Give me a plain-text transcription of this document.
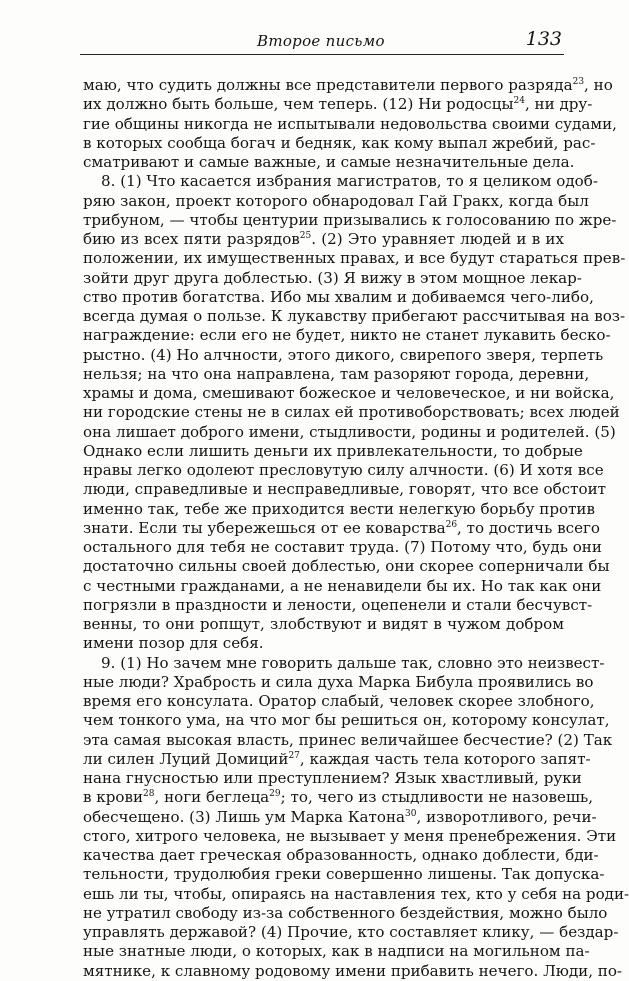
Второе письмо	133
маю, что судить должны все представители первого разряда$^{23}$, но
их должно быть больше, чем теперь. (12) Ни родосцы$^{24}$, ни дру-
гие общины никогда не испытывали недовольства своими судами,
в которых сообща богач и бедняк, как кому выпал жребий, рас-
сматривают и самые важные, и самые незначительные дела.
8. (1) Что касается избрания магистратов, то я целиком одоб-
ряю закон, проект которого обнародовал Гай Гракх, когда был
трибуном, — чтобы центурии призывались к голосованию по жре-
бию из всех пяти разрядов$^{25}$. (2) Это уравняет людей и в их
положении, их имущественных правах, и все будут стараться прев-
зойти друг друга доблестью. (3) Я вижу в этом мощное лекар-
ство против богатства. Ибо мы хвалим и добиваемся чего-либо,
всегда думая о пользе. К лукавству прибегают рассчитывая на воз-
награждение: если его не будет, никто не станет лукавить беско-
рыстно. (4) Но алчности, этого дикого, свирепого зверя, терпеть
нельзя; на что она направлена, там разоряют города, деревни,
храмы и дома, смешивают божеское и человеческое, и ни войска,
ни городские стены не в силах ей противоборствовать; всех людей
она лишает доброго имени, стыдливости, родины и родителей. (5)
Однако если лишить деньги их привлекательности, то добрые
нравы легко одолеют пресловутую силу алчности. (6) И хотя все
люди, справедливые и несправедливые, говорят, что все обстоит
именно так, тебе же приходится вести нелегкую борьбу против
знати. Если ты убережешься от ее коварства$^{26}$, то достичь всего
остального для тебя не составит труда. (7) Потому что, будь они
достаточно сильны своей доблестью, они скорее соперничали бы
с честными гражданами, а не ненавидели бы их. Но так как они
погрязли в праздности и лености, оцепенели и стали бесчувст-
венны, то они ропщут, злобствуют и видят в чужом добром
имени позор для себя.
9. (1) Но зачем мне говорить дальше так, словно это неизвест-
ные люди? Храбрость и сила духа Марка Бибула проявились во
время его консулата. Оратор слабый, человек скорее злобного,
чем тонкого ума, на что мог бы решиться он, которому консулат,
эта самая высокая власть, принес величайшее бесчестие? (2) Так
ли силен Луций Домиций$^{27}$, каждая часть тела которого запят-
нана гнусностью или преступлением? Язык хвастливый, руки
в крови$^{28}$, ноги беглеца$^{29}$; то, чего из стыдливости не назовешь,
обесчещено. (3) Лишь ум Марка Катона$^{30}$, изворотливого, речи-
стого, хитрого человека, не вызывает у меня пренебрежения. Эти
качества дает греческая образованность, однако доблести, бди-
тельности, трудолюбия греки совершенно лишены. Так допуска-
ешь ли ты, чтобы, опираясь на наставления тех, кто у себя на роди-
не утратил свободу из-за собственного бездействия, можно было
управлять державой? (4) Прочие, кто составляет клику, — бездар-
ные знатные люди, о которых, как в надписи на могильном па-
мятнике, к славному родовому имени прибавить нечего. Люди, по-
